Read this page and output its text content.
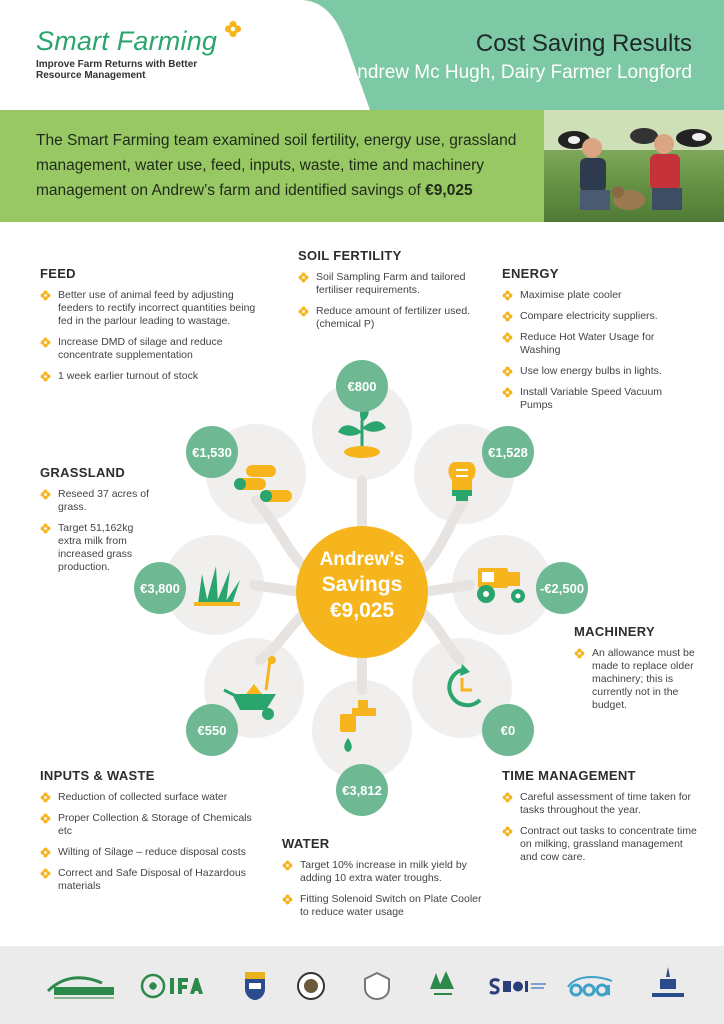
Smart Farming
Improve Farm Returns with Better Resource Management
Cost Saving Results
Andrew Mc Hugh, Dairy Farmer Longford
The Smart Farming team examined soil fertility, energy use, grassland management, water use, feed, inputs, waste, time and machinery management on Andrew’s farm and identified savings of €9,025
€800
€1,528
€1,530
€3,800	-€2,500
€550	€0
€3,812
Andrew’s
Savings
€9,025
SOIL FERTILITY
Soil Sampling Farm and tailored fertiliser requirements.
Reduce amount of fertilizer used. (chemical P)
FEED
Better use of animal feed by adjusting feeders to rectify incorrect quantities being fed in the parlour leading to wastage.
Increase DMD of silage and reduce concentrate supplementation
1 week earlier turnout of stock
ENERGY
Maximise plate cooler
Compare electricity suppliers.
Reduce Hot Water Usage for Washing
Use low energy bulbs in lights.
Install Variable Speed Vacuum Pumps
GRASSLAND
Reseed 37 acres of grass.
Target 51,162kg extra milk from increased grass production.
MACHINERY
An allowance must be made to replace older machinery; this is currently not in the budget.
INPUTS & WASTE
Reduction of collected surface water
Proper Collection & Storage of Chemicals etc
Wilting of Silage – reduce disposal costs
Correct and Safe Disposal of Hazardous materials
TIME MANAGEMENT
Careful assessment of time taken for tasks throughout the year.
Contract out tasks to concentrate time on milking, grassland management and cow care.
WATER
Target 10% increase in milk yield by adding 10 extra water troughs.
Fitting Solenoid Switch on Plate Cooler to reduce water usage
